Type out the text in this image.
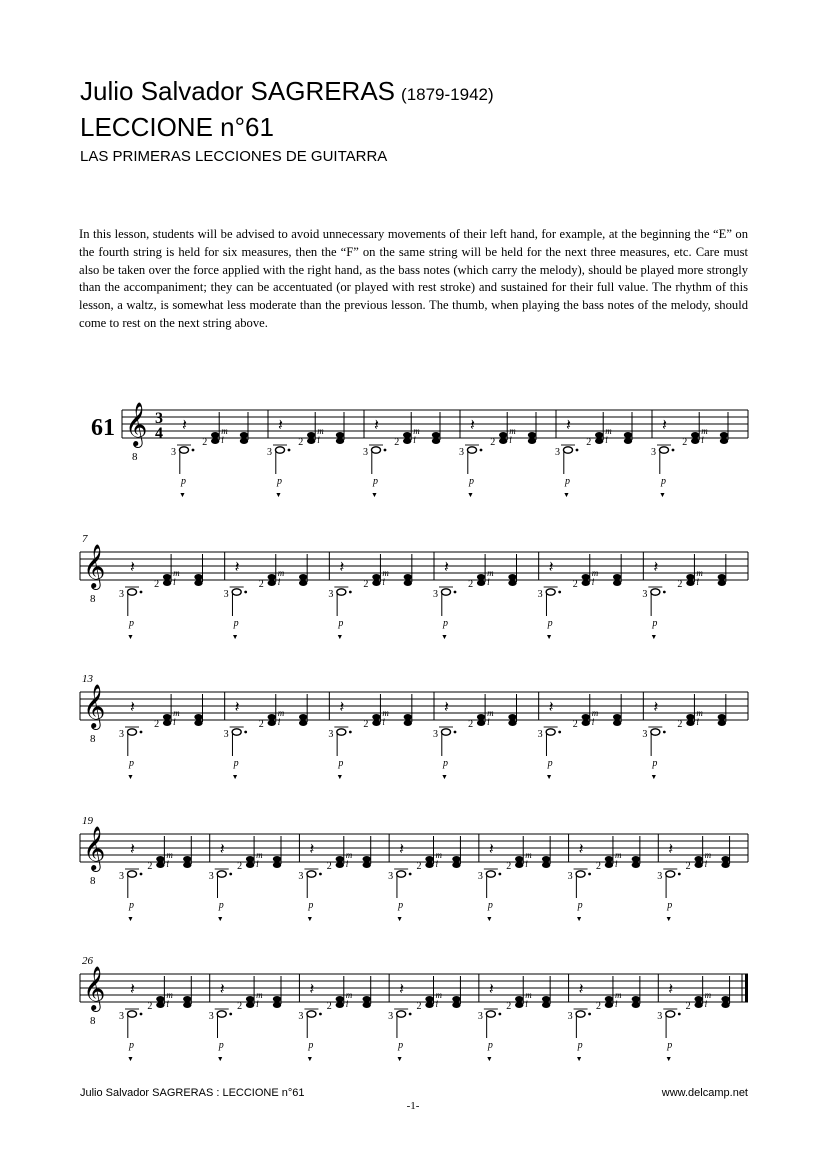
Julio Salvador SAGRERAS (1879-1942)
LECCIONE n°61
LAS PRIMERAS LECCIONES DE GUITARRA

In this lesson, students will be advised to avoid unnecessary movements of their left hand, for example, at the beginning the “E” on the fourth string is held for six measures, then the “F” on the same string will be held for the next three measures, etc. Care must also be taken over the force applied with the right hand, as the bass notes (which carry the melody), should be played more strongly than the accompaniment; they can be accentuated (or played with rest stroke) and sustained for their full value. The rhythm of this lesson, a waltz, is somewhat less moderate than the previous lesson. The thumb, when playing the bass notes of the melody, should come to rest on the next string above.

𝄞
8
3
4
61	𝄽
2
m
i
3
p
▼
𝄽
2
m
i
3
p
▼
𝄽
2
m
i
3
p
▼
𝄽
2
m
i
3
p
▼
𝄽
2
m
i
3
p
▼
𝄽
2
m
i
3
p
▼
𝄞
8
7
𝄽
2
m
i
3
p
▼
𝄽
2
m
i
3
p
▼
𝄽
2
m
i
3
p
▼
𝄽
2
m
i
3
p
▼
𝄽
2
m
i
3
p
▼
𝄽
2
m
i
3
p
▼
𝄞
8
13
𝄽
2
m
i
3
p
▼
𝄽
2
m
i
3
p
▼
𝄽
2
m
i
3
p
▼
𝄽
2
m
i
3
p
▼
𝄽
2
m
i
3
p
▼
𝄽
2
m
i
3
p
▼
𝄞
8
19
𝄽
2
m
i
3
p
▼
𝄽
2
m
i
3
p
▼
𝄽
2
m
i
3
p
▼
𝄽
2
m
i
3
p
▼
𝄽
2
m
i
3
p
▼
𝄽
2
m
i
3
p
▼
𝄽
2
m
i
3
p
▼
𝄞
8
26
𝄽
2
m
i
3
p
▼
𝄽
2
m
i
3
p
▼
𝄽
2
m
i
3
p
▼
𝄽
2
m
i
3
p
▼
𝄽
2
m
i
3
p
▼
𝄽
2
m
i
3
p
▼
𝄽
2
m
i
3
p
▼
Julio Salvador SAGRERAS : LECCIONE n°61	www.delcamp.net
-1-
